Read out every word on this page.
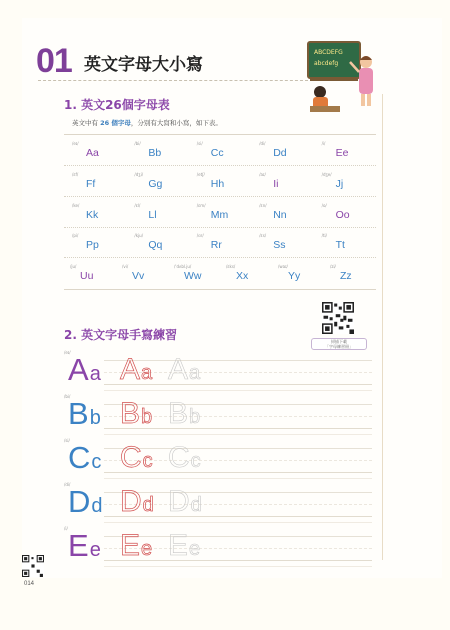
01 英文字母大小寫
ABCDEFG
abcdefg
1. 英文26個字母表
英文中有 26 個字母，分別有大寫和小寫，如下表。
/eɪ/
Aa
/bi/
Bb
/si/
Cc
/di/
Dd
/i/
Ee
/ɛf/
Ff
/dʒi/
Gg
/etʃ/
Hh
/aɪ/
Ii
/dʒe/
Jj
/ke/
Kk
/ɛl/
Ll
/ɛm/
Mm
/ɛn/
Nn
/o/
Oo
/pi/
Pp
/kju/
Qq
/ɑr/
Rr
/ɛs/
Ss
/ti/
Tt
/ju/
Uu
/vi/
Vv
/ˈdʌbl.ju/
Ww
/ɛks/
Xx
/waɪ/
Yy
/zi/
Zz
掃描下載
「字母練習冊」
2. 英文字母手寫練習
/eɪ/
Aa Aa Aa
/bi/
Bb Bb Bb
/si/
Cc Cc Cc
/di/
Dd Dd Dd
/i/ Ee Ee Ee
014
